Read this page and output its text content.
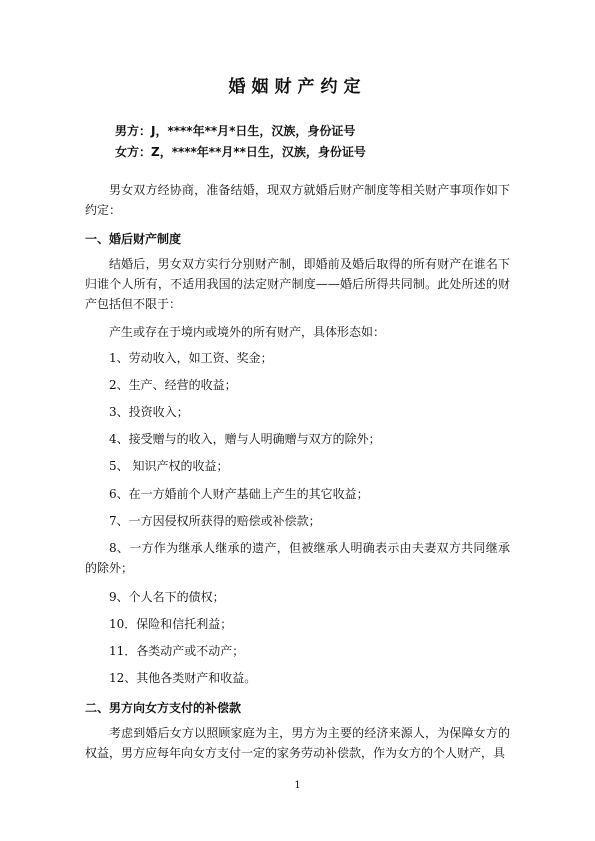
婚姻财产约定

男方：J，****年**月*日生，汉族，身份证号

女方：Z，****年**月**日生，汉族，身份证号

男女双方经协商，准备结婚，现双方就婚后财产制度等相关财产事项作如下约定：

一、婚后财产制度

结婚后，男女双方实行分别财产制，即婚前及婚后取得的所有财产在谁名下归谁个人所有，不适用我国的法定财产制度——婚后所得共同制。此处所述的财产包括但不限于：

产生或存在于境内或境外的所有财产，具体形态如：

1、劳动收入，如工资、奖金；

2、生产、经营的收益；

3、投资收入；

4、接受赠与的收入，赠与人明确赠与双方的除外；

5、 知识产权的收益；

6、在一方婚前个人财产基础上产生的其它收益；

7、一方因侵权所获得的赔偿或补偿款；

8、一方作为继承人继承的遗产，但被继承人明确表示由夫妻双方共同继承的除外；

9、个人名下的债权；

10．保险和信托利益；

11．各类动产或不动产；

12、其他各类财产和收益。

二、男方向女方支付的补偿款

考虑到婚后女方以照顾家庭为主，男方为主要的经济来源人，为保障女方的权益，男方应每年向女方支付一定的家务劳动补偿款，作为女方的个人财产，具

1
